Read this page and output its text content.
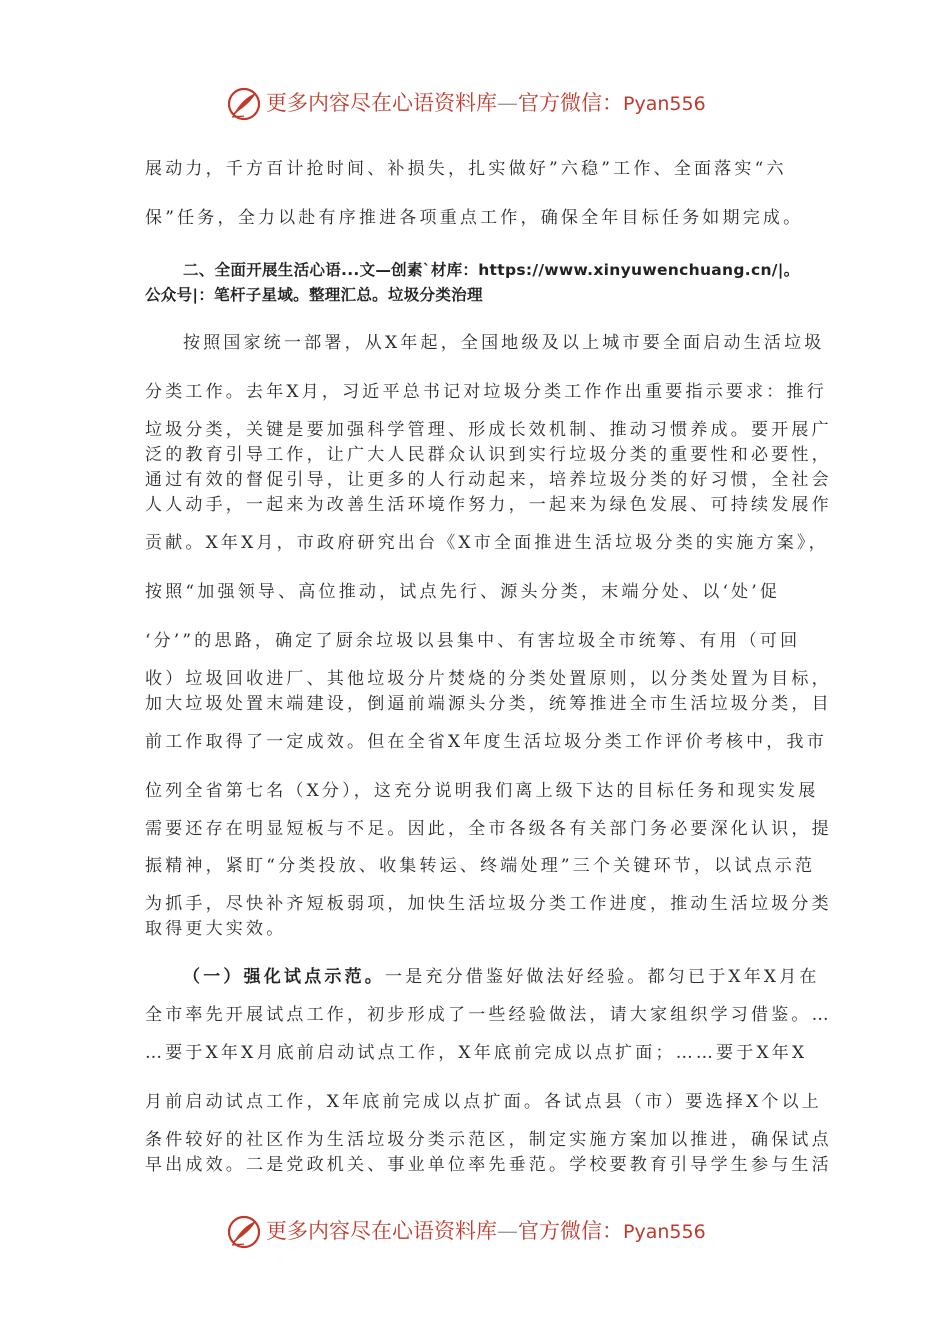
更多内容尽在心语资料库—官方微信：Pyan556
展动力，千方百计抢时间、补损失，扎实做好”六稳”工作、全面落实“六
保”任务，全力以赴有序推进各项重点工作，确保全年目标任务如期完成。
二、全面开展生活心语...文—创素`材库：https://www.xinyuwenchuang.cn/|。
公众号|：笔杆子星域。整理汇总。垃圾分类治理
按照国家统一部署，从X年起，全国地级及以上城市要全面启动生活垃圾
分类工作。去年X月，习近平总书记对垃圾分类工作作出重要指示要求：推行
垃圾分类，关键是要加强科学管理、形成长效机制、推动习惯养成。要开展广
泛的教育引导工作，让广大人民群众认识到实行垃圾分类的重要性和必要性，
通过有效的督促引导，让更多的人行动起来，培养垃圾分类的好习惯，全社会
人人动手，一起来为改善生活环境作努力，一起来为绿色发展、可持续发展作
贡献。X年X月，市政府研究出台《X市全面推进生活垃圾分类的实施方案》，
按照“加强领导、高位推动，试点先行、源头分类，末端分处、以‘处’促
‘分’”的思路，确定了厨余垃圾以县集中、有害垃圾全市统筹、有用（可回
收）垃圾回收进厂、其他垃圾分片焚烧的分类处置原则，以分类处置为目标，
加大垃圾处置末端建设，倒逼前端源头分类，统筹推进全市生活垃圾分类，目
前工作取得了一定成效。但在全省X年度生活垃圾分类工作评价考核中，我市
位列全省第七名（X分），这充分说明我们离上级下达的目标任务和现实发展
需要还存在明显短板与不足。因此，全市各级各有关部门务必要深化认识，提
振精神，紧盯“分类投放、收集转运、终端处理”三个关键环节，以试点示范
为抓手，尽快补齐短板弱项，加快生活垃圾分类工作进度，推动生活垃圾分类
取得更大实效。
（一）强化试点示范。一是充分借鉴好做法好经验。都匀已于X年X月在
全市率先开展试点工作，初步形成了一些经验做法，请大家组织学习借鉴。…
…要于X年X月底前启动试点工作，X年底前完成以点扩面；……要于X年X
月前启动试点工作，X年底前完成以点扩面。各试点县（市）要选择X个以上
条件较好的社区作为生活垃圾分类示范区，制定实施方案加以推进，确保试点
早出成效。二是党政机关、事业单位率先垂范。学校要教育引导学生参与生活
更多内容尽在心语资料库—官方微信：Pyan556
